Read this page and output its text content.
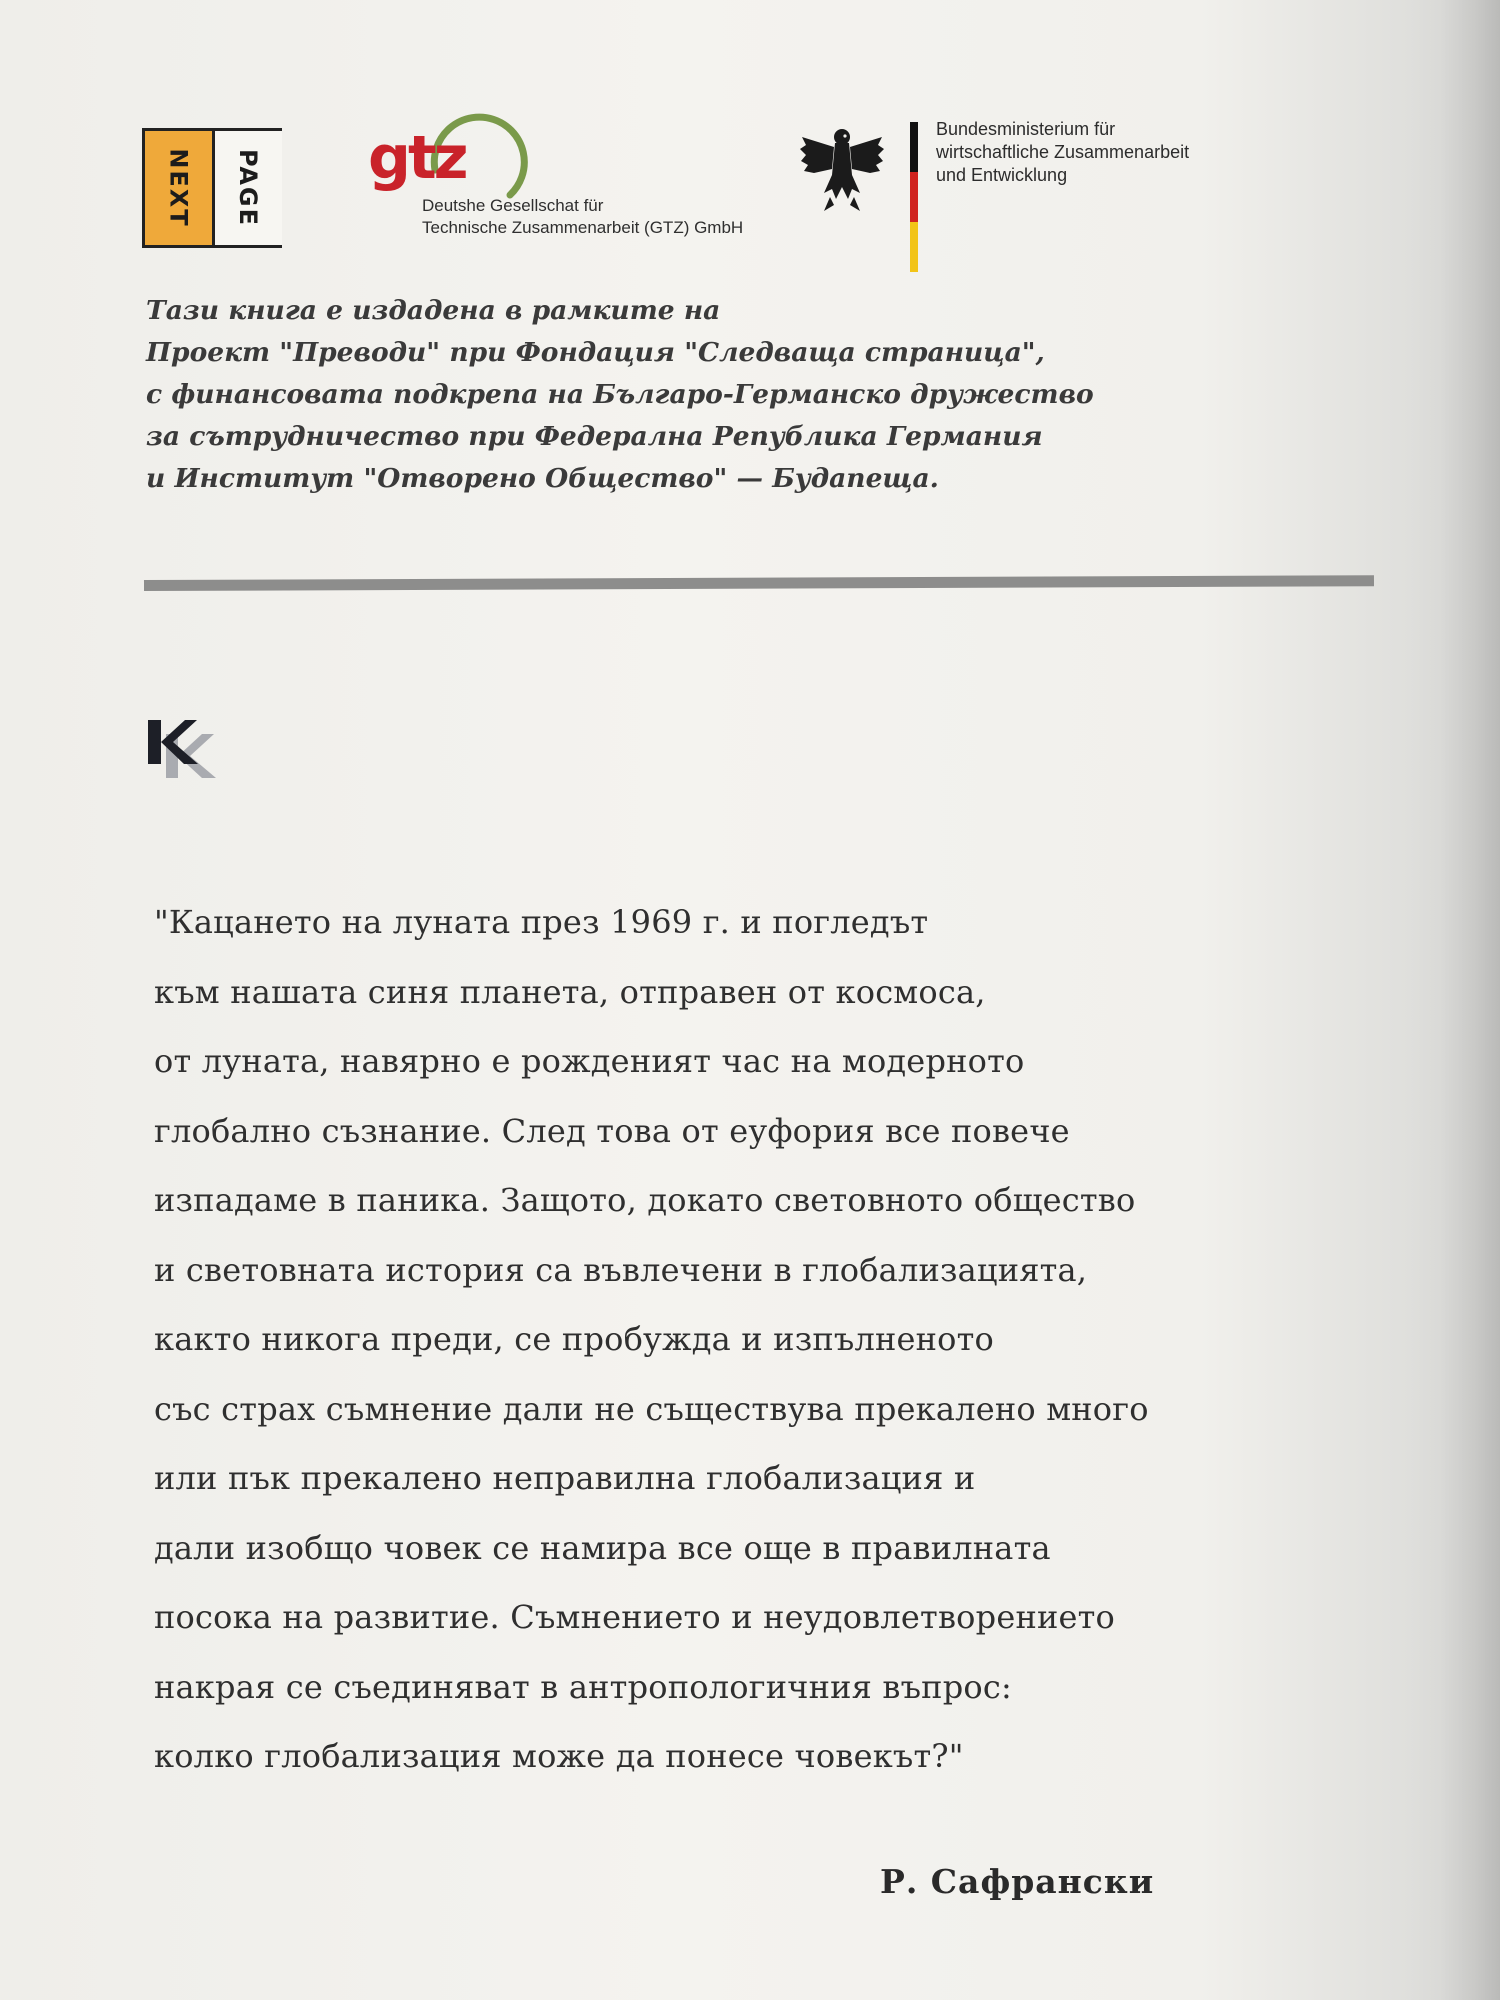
NEXT PAGE gtz
Deutshe Gesellschat für
Technische Zusammenarbeit (GTZ) GmbH
Bundesministerium für
wirtschaftliche Zusammenarbeit
und Entwicklung
Тази книга е издадена в рамките на
Проект "Преводи" при Фондация "Следваща страница",
с финансовата подкрепа на Българо-Германско дружество
за сътрудничество при Федерална Република Германия
и Институт "Отворено Общество" — Будапеща.
"Кацането на луната през 1969 г. и погледът
към нашата синя планета, отправен от космоса,
от луната, навярно е рожденият час на модерното
глобално съзнание. След това от еуфория все повече
изпадаме в паника. Защото, докато световното общество
и световната история са въвлечени в глобализацията,
както никога преди, се пробужда и изпълненото
със страх съмнение дали не съществува прекалено много
или пък прекалено неправилна глобализация и
дали изобщо човек се намира все още в правилната
посока на развитие. Съмнението и неудовлетворението
накрая се съединяват в антропологичния въпрос:
колко глобализация може да понесе човекът?"
Р. Сафрански
